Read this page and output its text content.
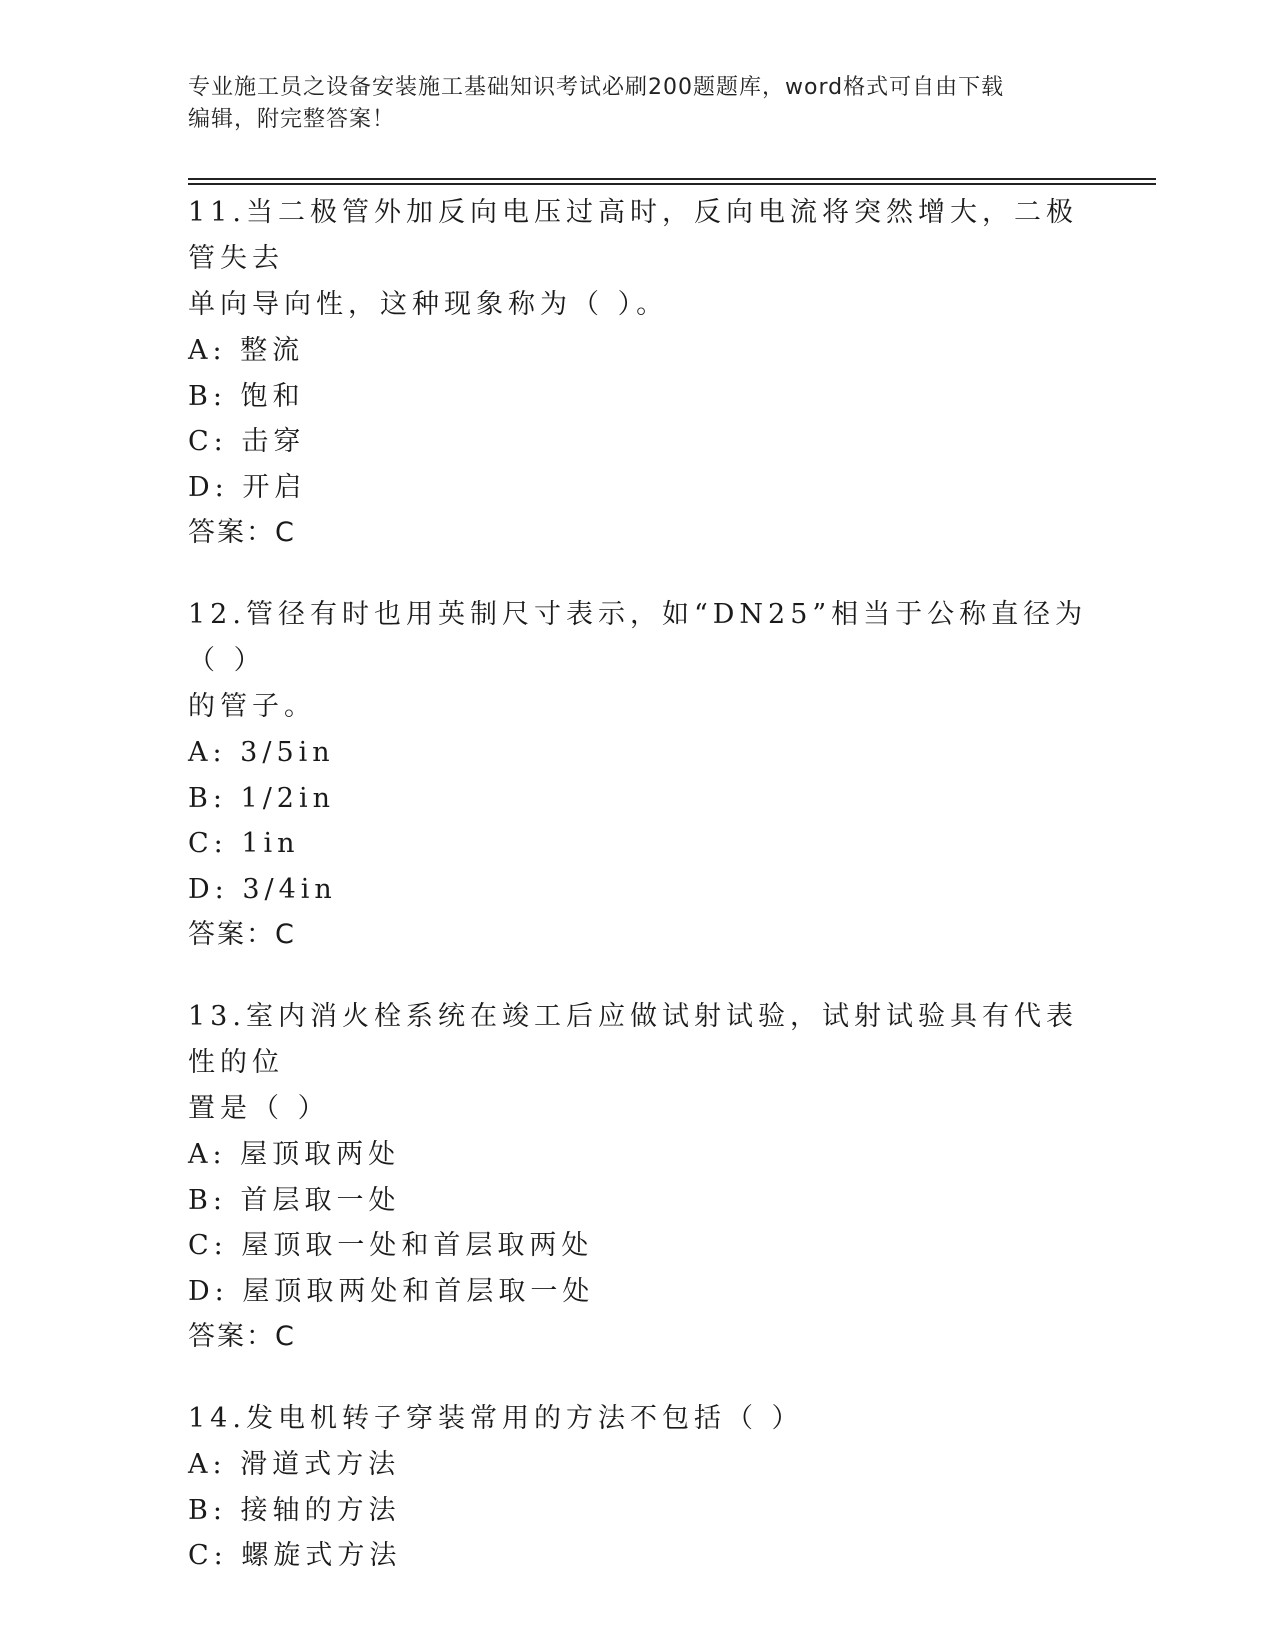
专业施工员之设备安装施工基础知识考试必刷200题题库，word格式可自由下载
编辑，附完整答案！

11.当二极管外加反向电压过高时，反向电流将突然增大，二极管失去

单向导向性，这种现象称为（ ）。

A: 整流

B: 饱和

C: 击穿

D: 开启

答案：C

12.管径有时也用英制尺寸表示，如“DN25”相当于公称直径为（ ）

的管子。

A: 3/5in

B: 1/2in

C: 1in

D: 3/4in

答案：C

13.室内消火栓系统在竣工后应做试射试验，试射试验具有代表性的位

置是（ ）

A: 屋顶取两处

B: 首层取一处

C: 屋顶取一处和首层取两处

D: 屋顶取两处和首层取一处

答案：C

14.发电机转子穿装常用的方法不包括（ ）

A: 滑道式方法

B: 接轴的方法

C: 螺旋式方法
